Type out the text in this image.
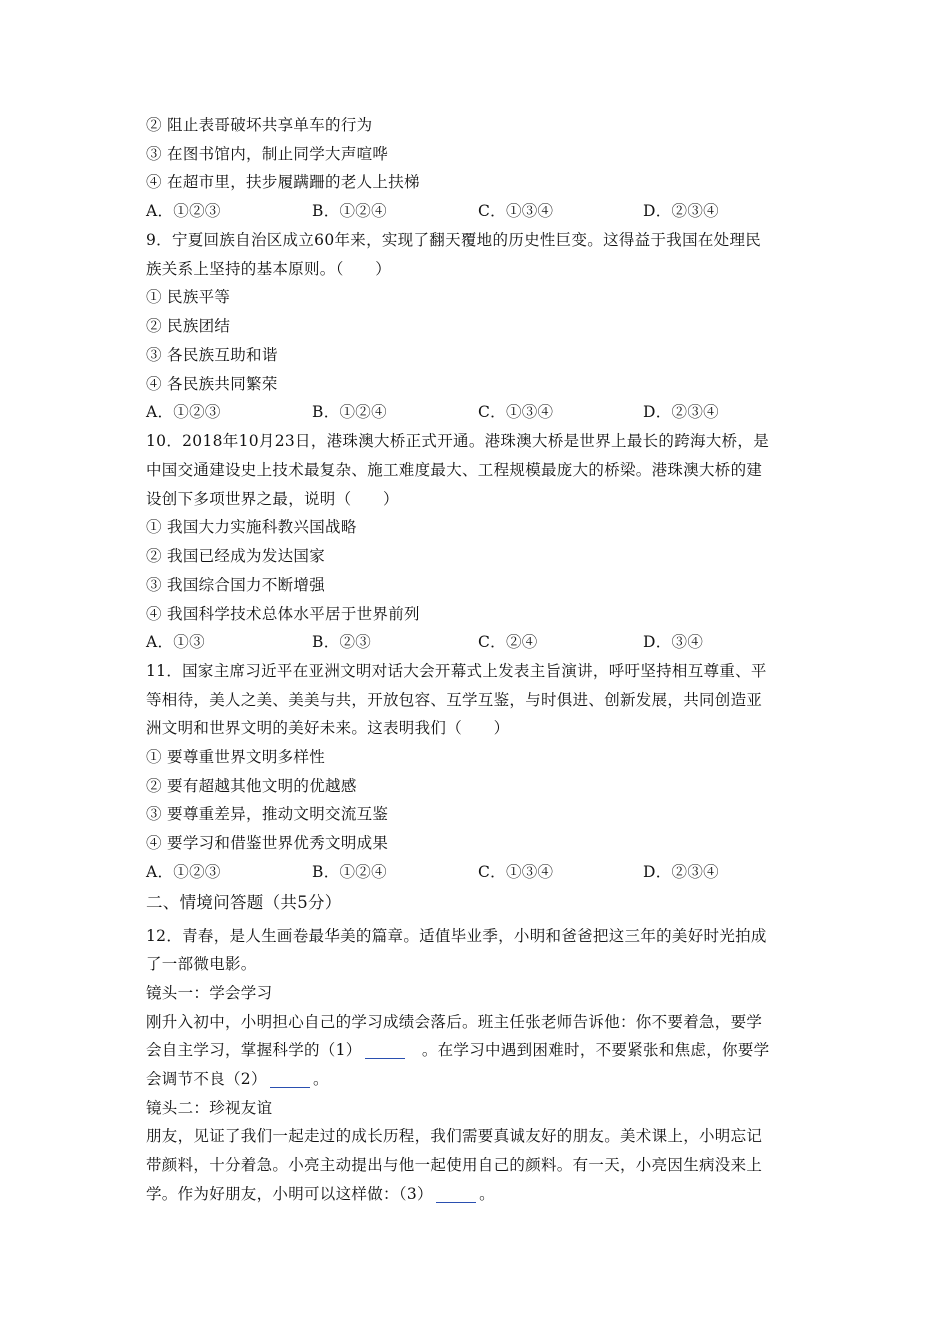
② 阻止表哥破坏共享单车的行为
③ 在图书馆内，制止同学大声喧哗
④ 在超市里，扶步履蹒跚的老人上扶梯
A．①②③	B．①②④	C．①③④	D．②③④
9．宁夏回族自治区成立60年来，实现了翻天覆地的历史性巨变。这得益于我国在处理民
族关系上坚持的基本原则。（　　）
① 民族平等
② 民族团结
③ 各民族互助和谐
④ 各民族共同繁荣
A．①②③	B．①②④	C．①③④	D．②③④
10．2018年10月23日，港珠澳大桥正式开通。港珠澳大桥是世界上最长的跨海大桥，是
中国交通建设史上技术最复杂、施工难度最大、工程规模最庞大的桥梁。港珠澳大桥的建
设创下多项世界之最，说明（　　）
① 我国大力实施科教兴国战略
② 我国已经成为发达国家
③ 我国综合国力不断增强
④ 我国科学技术总体水平居于世界前列
A．①③	B．②③	C．②④	D．③④
11．国家主席习近平在亚洲文明对话大会开幕式上发表主旨演讲，呼吁坚持相互尊重、平
等相待，美人之美、美美与共，开放包容、互学互鉴，与时俱进、创新发展，共同创造亚
洲文明和世界文明的美好未来。这表明我们（　　）
① 要尊重世界文明多样性
② 要有超越其他文明的优越感
③ 要尊重差异，推动文明交流互鉴
④ 要学习和借鉴世界优秀文明成果
A．①②③	B．①②④	C．①③④	D．②③④
二、情境问答题（共5分）
12．青春，是人生画卷最华美的篇章。适值毕业季，小明和爸爸把这三年的美好时光拍成
了一部微电影。
镜头一：学会学习
刚升入初中，小明担心自己的学习成绩会落后。班主任张老师告诉他：你不要着急，要学
会自主学习，掌握科学的（1）	。在学习中遇到困难时，不要紧张和焦虑，你要学
会调节不良（2）	。
镜头二：珍视友谊
朋友，见证了我们一起走过的成长历程，我们需要真诚友好的朋友。美术课上，小明忘记
带颜料，十分着急。小亮主动提出与他一起使用自己的颜料。有一天，小亮因生病没来上
学。作为好朋友，小明可以这样做：（3）	。
